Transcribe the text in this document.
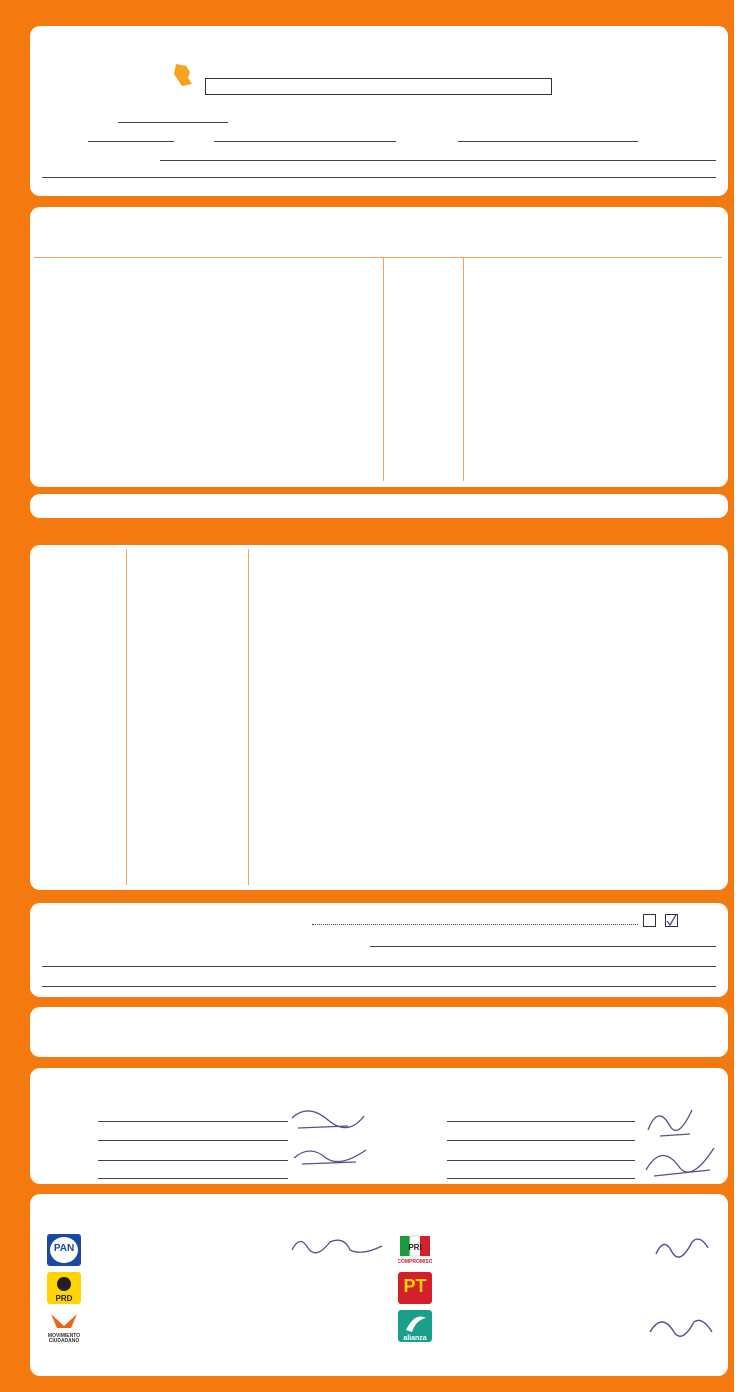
PAN
PRD
MOVIMIENTO
CIUDADANO
PRI
COMPROMISO
PT
alianza
